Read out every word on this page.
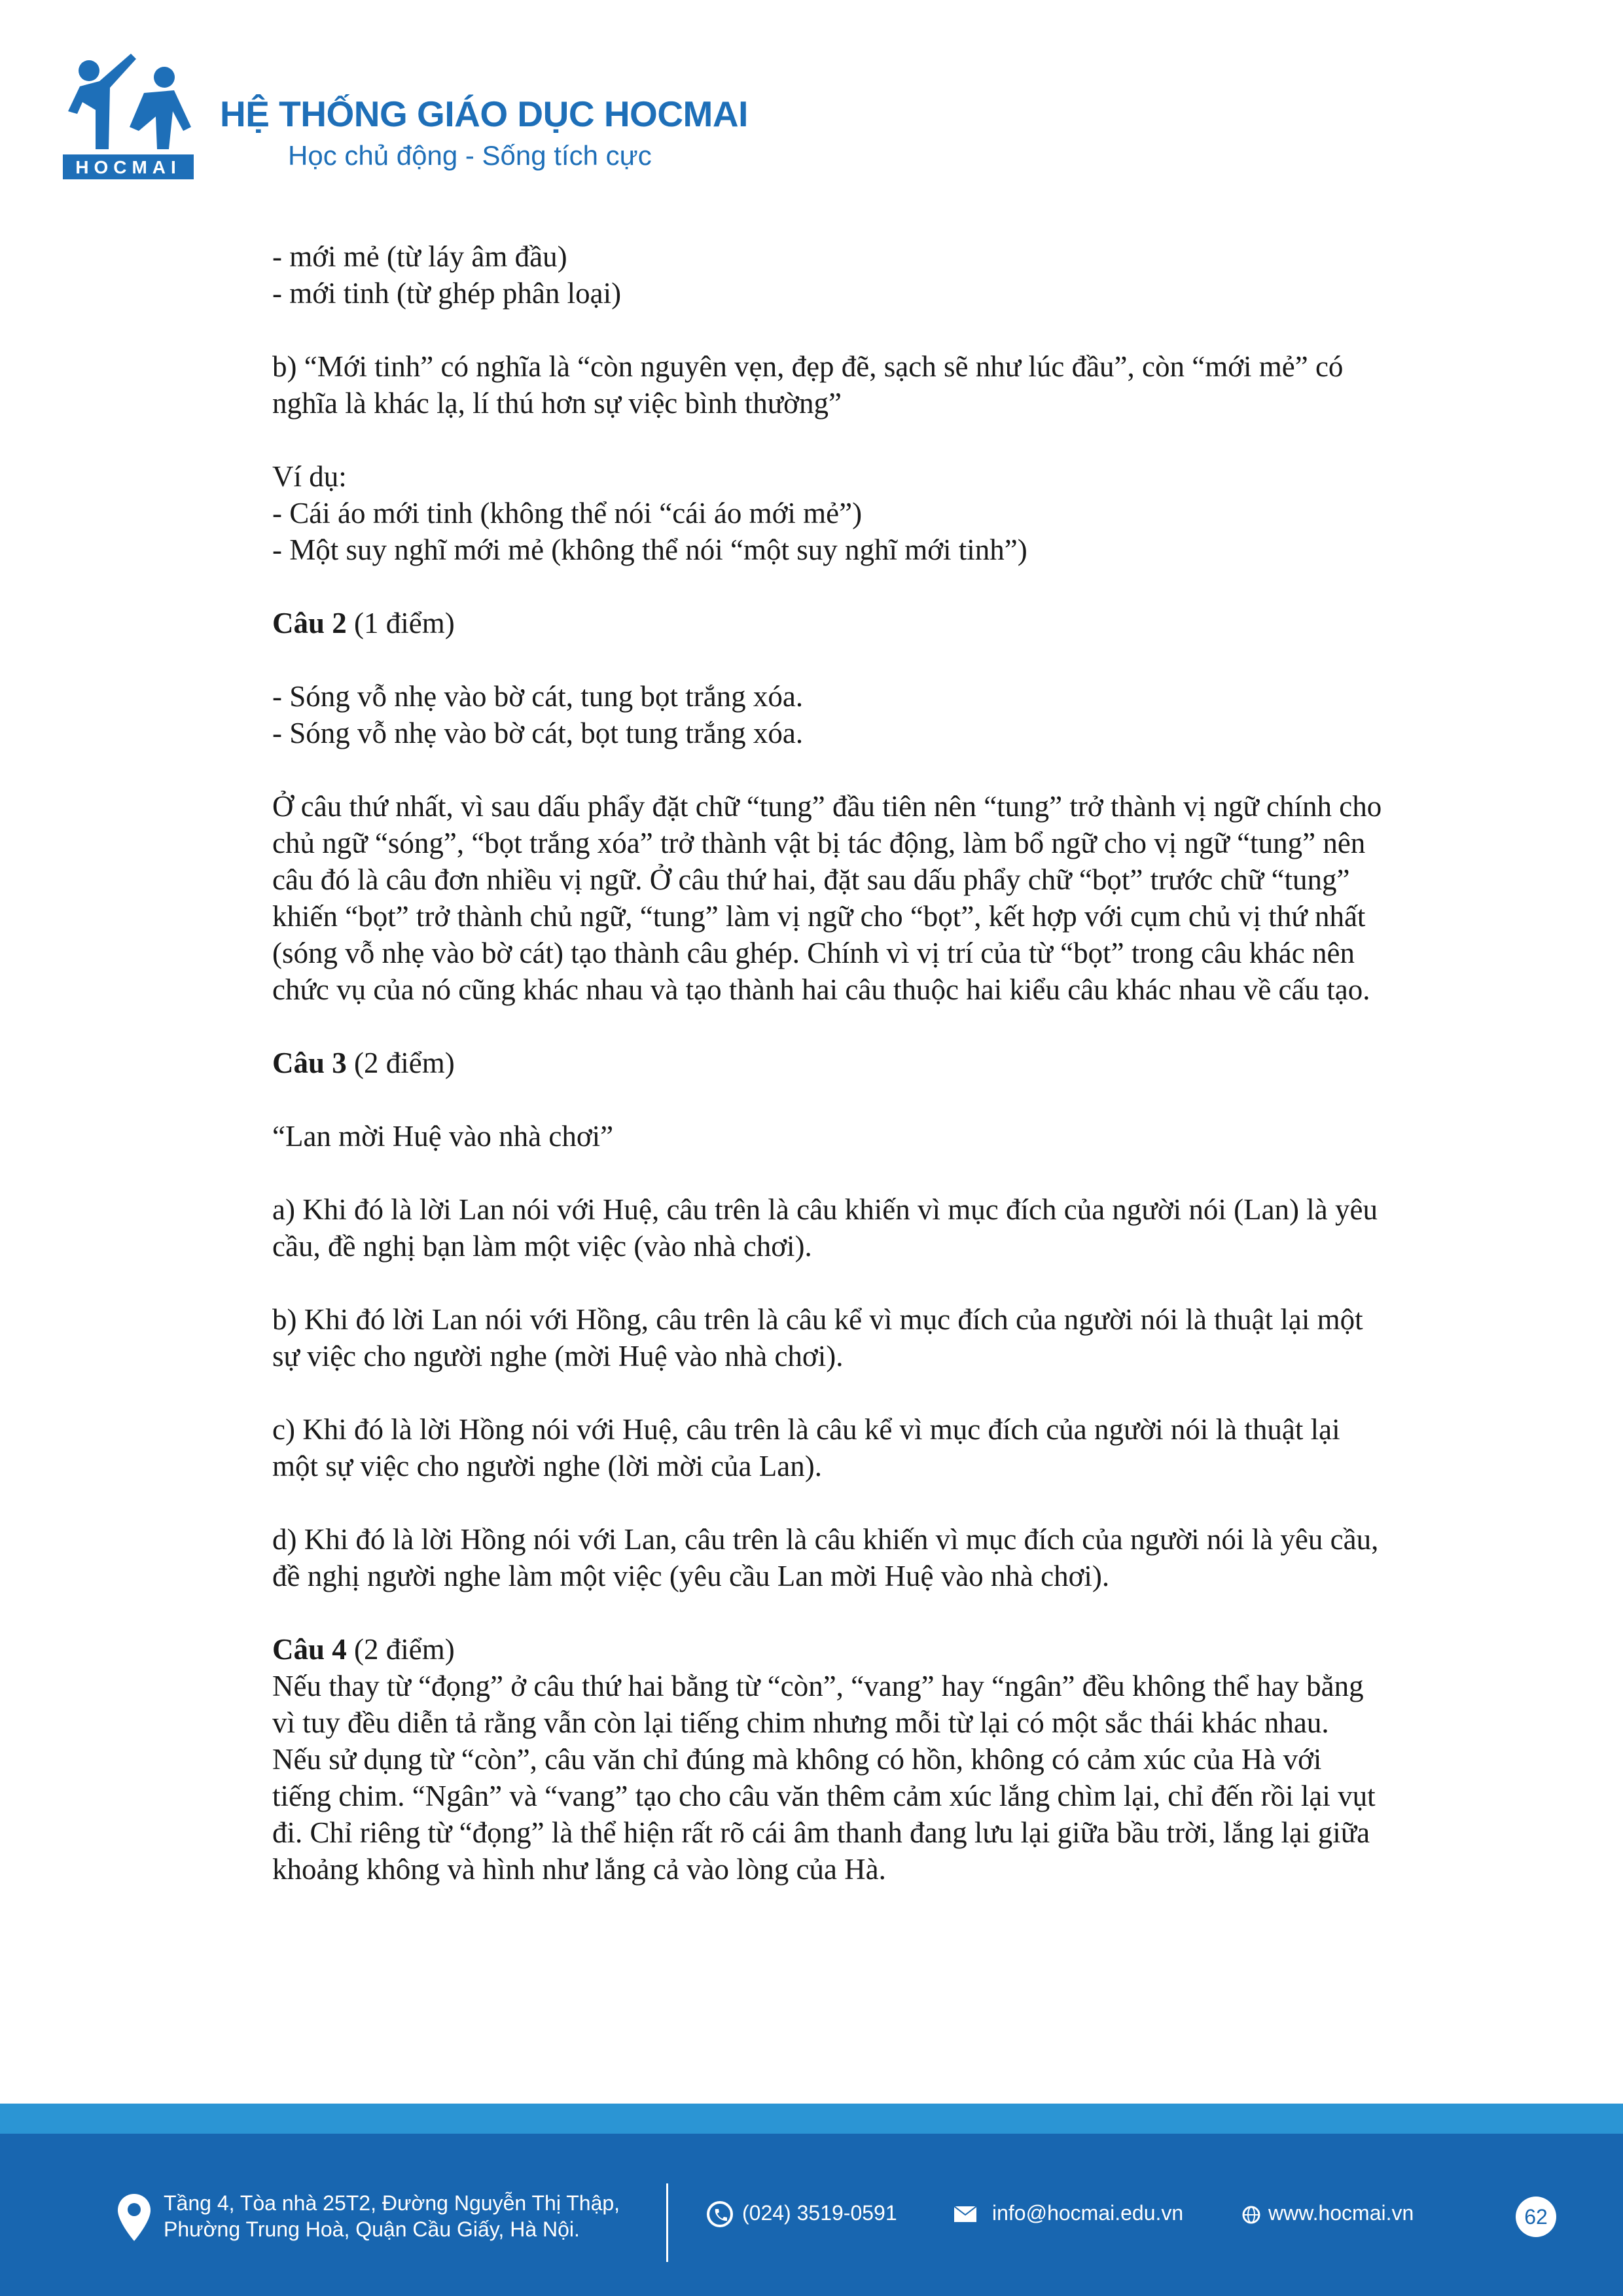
HOCMAI
HỆ THỐNG GIÁO DỤC HOCMAI
Học chủ động - Sống tích cực

- mới mẻ (từ láy âm đầu)

- mới tinh (từ ghép phân loại)

b) “Mới tinh” có nghĩa là “còn nguyên vẹn, đẹp đẽ, sạch sẽ như lúc đầu”, còn “mới mẻ” có nghĩa là khác lạ, lí thú hơn sự việc bình thường”

Ví dụ:

- Cái áo mới tinh (không thể nói “cái áo mới mẻ”)

- Một suy nghĩ mới mẻ (không thể nói “một suy nghĩ mới tinh”)

Câu 2 (1 điểm)

- Sóng vỗ nhẹ vào bờ cát, tung bọt trắng xóa.

- Sóng vỗ nhẹ vào bờ cát, bọt tung trắng xóa.

Ở câu thứ nhất, vì sau dấu phẩy đặt chữ “tung” đầu tiên nên “tung” trở thành vị ngữ chính cho chủ ngữ “sóng”, “bọt trắng xóa” trở thành vật bị tác động, làm bổ ngữ cho vị ngữ “tung” nên câu đó là câu đơn nhiều vị ngữ. Ở câu thứ hai, đặt sau dấu phẩy chữ “bọt” trước chữ “tung” khiến “bọt” trở thành chủ ngữ, “tung” làm vị ngữ cho “bọt”, kết hợp với cụm chủ vị thứ nhất (sóng vỗ nhẹ vào bờ cát) tạo thành câu ghép. Chính vì vị trí của từ “bọt” trong câu khác nên chức vụ của nó cũng khác nhau và tạo thành hai câu thuộc hai kiểu câu khác nhau về cấu tạo.

Câu 3 (2 điểm)

“Lan mời Huệ vào nhà chơi”

a) Khi đó là lời Lan nói với Huệ, câu trên là câu khiến vì mục đích của người nói (Lan) là yêu cầu, đề nghị bạn làm một việc (vào nhà chơi).

b) Khi đó lời Lan nói với Hồng, câu trên là câu kể vì mục đích của người nói là thuật lại một sự việc cho người nghe (mời Huệ vào nhà chơi).

c) Khi đó là lời Hồng nói với Huệ, câu trên là câu kể vì mục đích của người nói là thuật lại một sự việc cho người nghe (lời mời của Lan).

d) Khi đó là lời Hồng nói với Lan, câu trên là câu khiến vì mục đích của người nói là yêu cầu, đề nghị người nghe làm một việc (yêu cầu Lan mời Huệ vào nhà chơi).

Câu 4 (2 điểm)

Nếu thay từ “đọng” ở câu thứ hai bằng từ “còn”, “vang” hay “ngân” đều không thể hay bằng vì tuy đều diễn tả rằng vẫn còn lại tiếng chim nhưng mỗi từ lại có một sắc thái khác nhau. Nếu sử dụng từ “còn”, câu văn chỉ đúng mà không có hồn, không có cảm xúc của Hà với tiếng chim. “Ngân” và “vang” tạo cho câu văn thêm cảm xúc lắng chìm lại, chỉ đến rồi lại vụt đi. Chỉ riêng từ “đọng” là thể hiện rất rõ cái âm thanh đang lưu lại giữa bầu trời, lắng lại giữa khoảng không và hình như lắng cả vào lòng của Hà.

Tầng 4, Tòa nhà 25T2, Đường Nguyễn Thị Thập,
Phường Trung Hoà, Quận Cầu Giấy, Hà Nội.
(024) 3519-0591	info@hocmai.edu.vn	www.hocmai.vn	62
